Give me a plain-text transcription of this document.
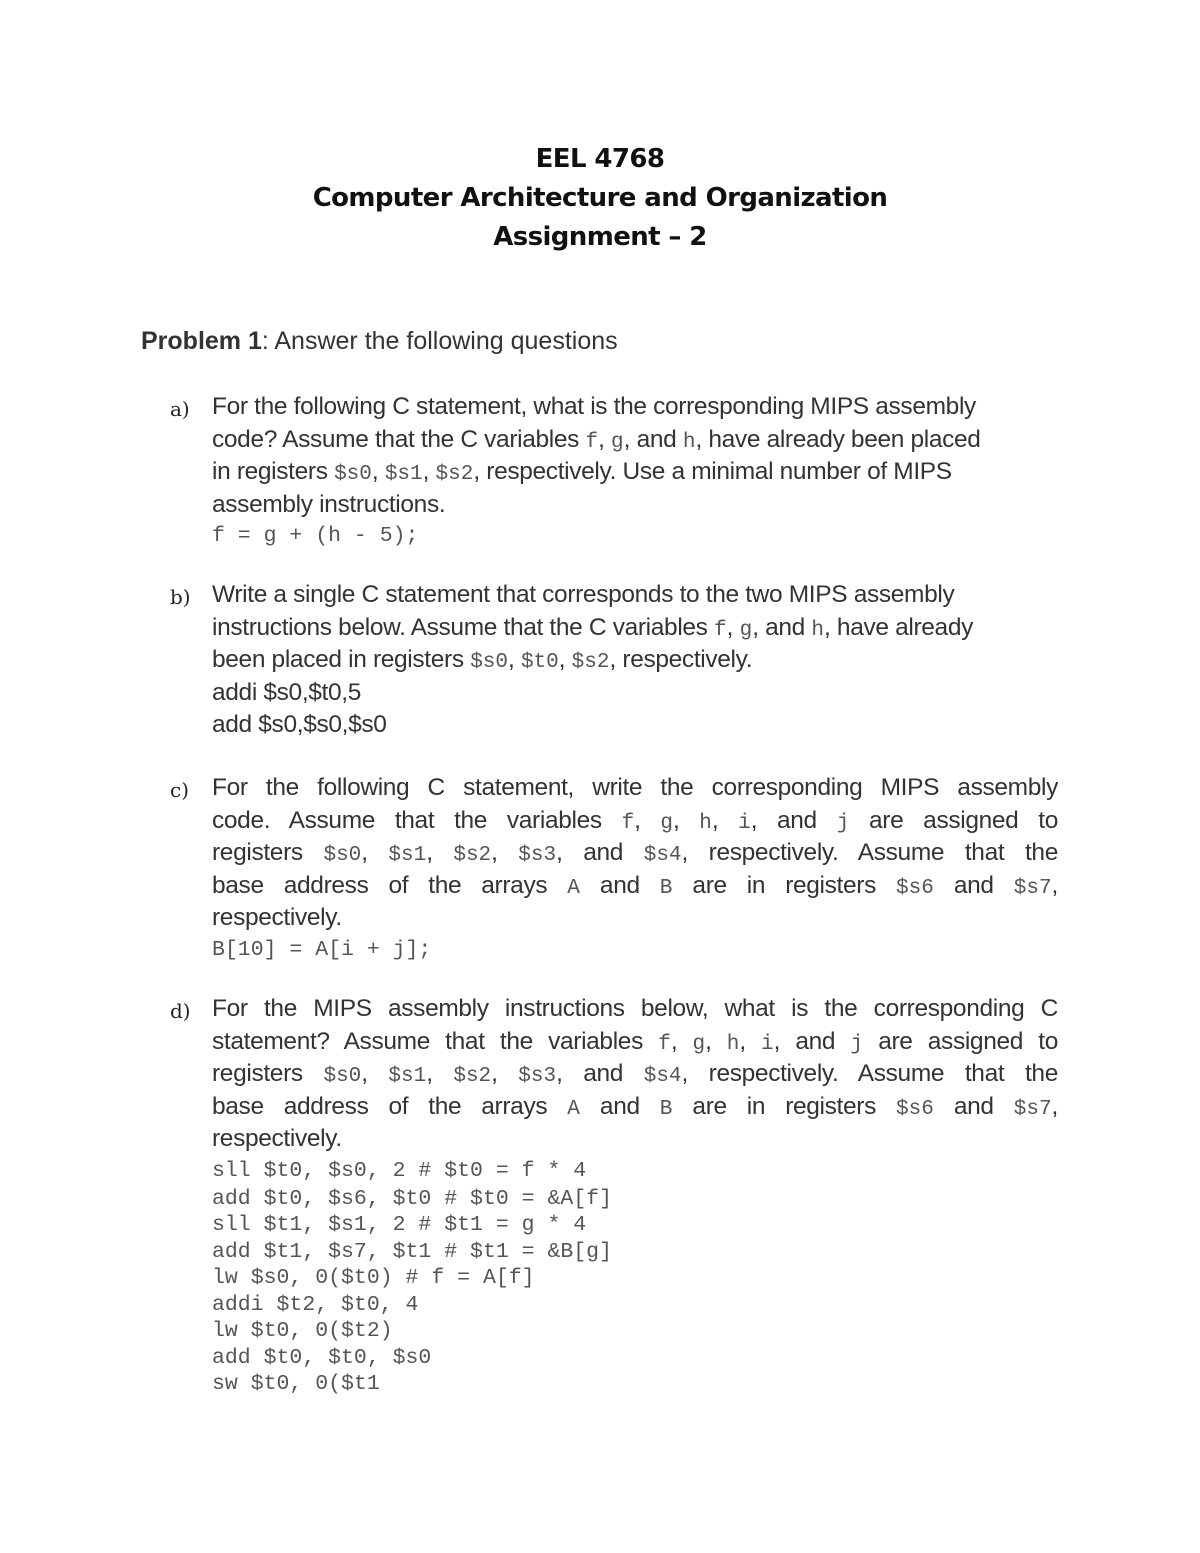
EEL 4768
Computer Architecture and Organization
Assignment – 2
Problem 1: Answer the following questions
a) For the following C statement, what is the corresponding MIPS assembly
code? Assume that the C variables f, g, and h, have already been placed
in registers $s0, $s1, $s2, respectively. Use a minimal number of MIPS
assembly instructions.
f = g + (h - 5);
b) Write a single C statement that corresponds to the two MIPS assembly
instructions below. Assume that the C variables f, g, and h, have already
been placed in registers $s0, $t0, $s2, respectively.
addi $s0,$t0,5
add $s0,$s0,$s0
c) For the following C statement, write the corresponding MIPS assembly
code. Assume that the variables f, g, h, i, and j are assigned to
registers $s0, $s1, $s2, $s3, and $s4, respectively. Assume that the
base address of the arrays A and B are in registers $s6 and $s7,
respectively.
B[10] = A[i + j];
d) For the MIPS assembly instructions below, what is the corresponding C
statement? Assume that the variables f, g, h, i, and j are assigned to
registers $s0, $s1, $s2, $s3, and $s4, respectively. Assume that the
base address of the arrays A and B are in registers $s6 and $s7,
respectively.
sll $t0, $s0, 2 # $t0 = f * 4
add $t0, $s6, $t0 # $t0 = &A[f]
sll $t1, $s1, 2 # $t1 = g * 4
add $t1, $s7, $t1 # $t1 = &B[g]
lw $s0, 0($t0) # f = A[f]
addi $t2, $t0, 4
lw $t0, 0($t2)
add $t0, $t0, $s0
sw $t0, 0($t1
